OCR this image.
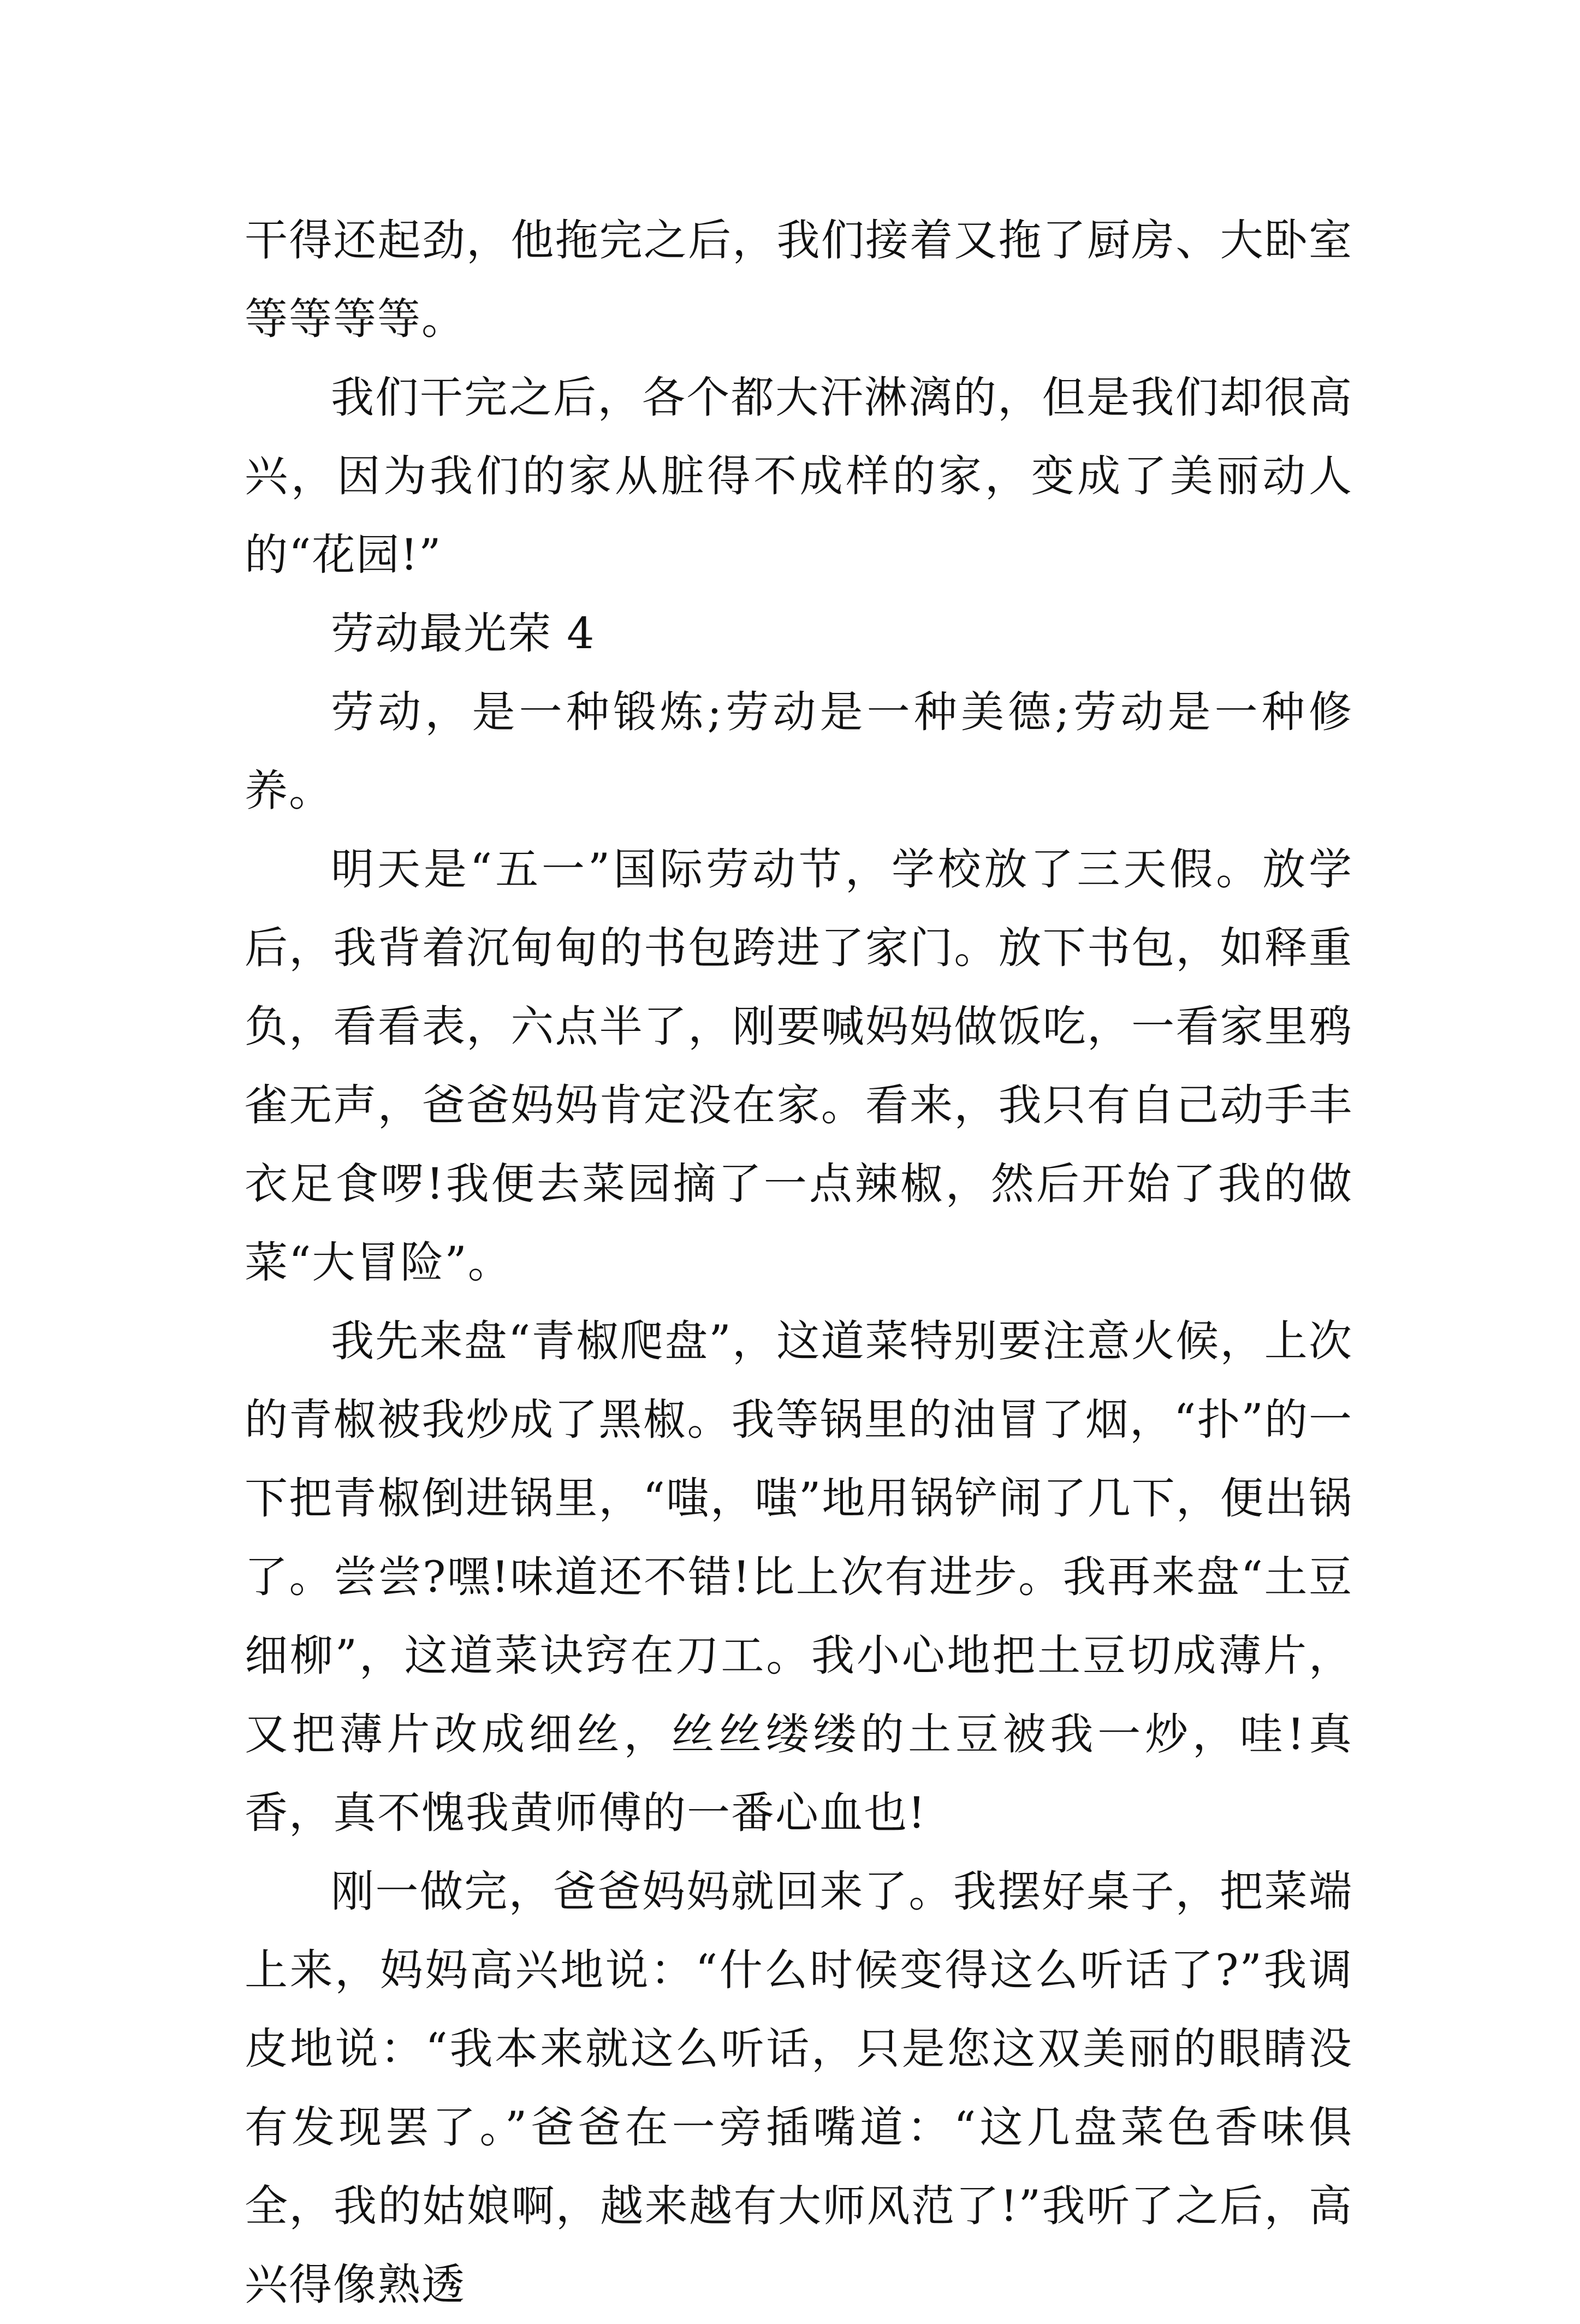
干得还起劲，他拖完之后，我们接着又拖了厨房、大卧室等等等等。

我们干完之后，各个都大汗淋漓的，但是我们却很高兴，因为我们的家从脏得不成样的家，变成了美丽动人的“花园!”

劳动最光荣 4

劳动，是一种锻炼;劳动是一种美德;劳动是一种修养。

明天是“五一”国际劳动节，学校放了三天假。放学后，我背着沉甸甸的书包跨进了家门。放下书包，如释重负，看看表，六点半了，刚要喊妈妈做饭吃，一看家里鸦雀无声，爸爸妈妈肯定没在家。看来，我只有自己动手丰衣足食啰!我便去菜园摘了一点辣椒，然后开始了我的做菜“大冒险”。

我先来盘“青椒爬盘”，这道菜特别要注意火候，上次的青椒被我炒成了黑椒。我等锅里的油冒了烟，“扑”的一下把青椒倒进锅里，“嗤，嗤”地用锅铲闹了几下，便出锅了。尝尝?嘿!味道还不错!比上次有进步。我再来盘“土豆细柳”，这道菜诀窍在刀工。我小心地把土豆切成薄片，又把薄片改成细丝，丝丝缕缕的土豆被我一炒，哇!真香，真不愧我黄师傅的一番心血也!

刚一做完，爸爸妈妈就回来了。我摆好桌子，把菜端上来，妈妈高兴地说：“什么时候变得这么听话了?”我调皮地说：“我本来就这么听话，只是您这双美丽的眼睛没有发现罢了。”爸爸在一旁插嘴道：“这几盘菜色香味俱全，我的姑娘啊，越来越有大师风范了!”我听了之后，高兴得像熟透
